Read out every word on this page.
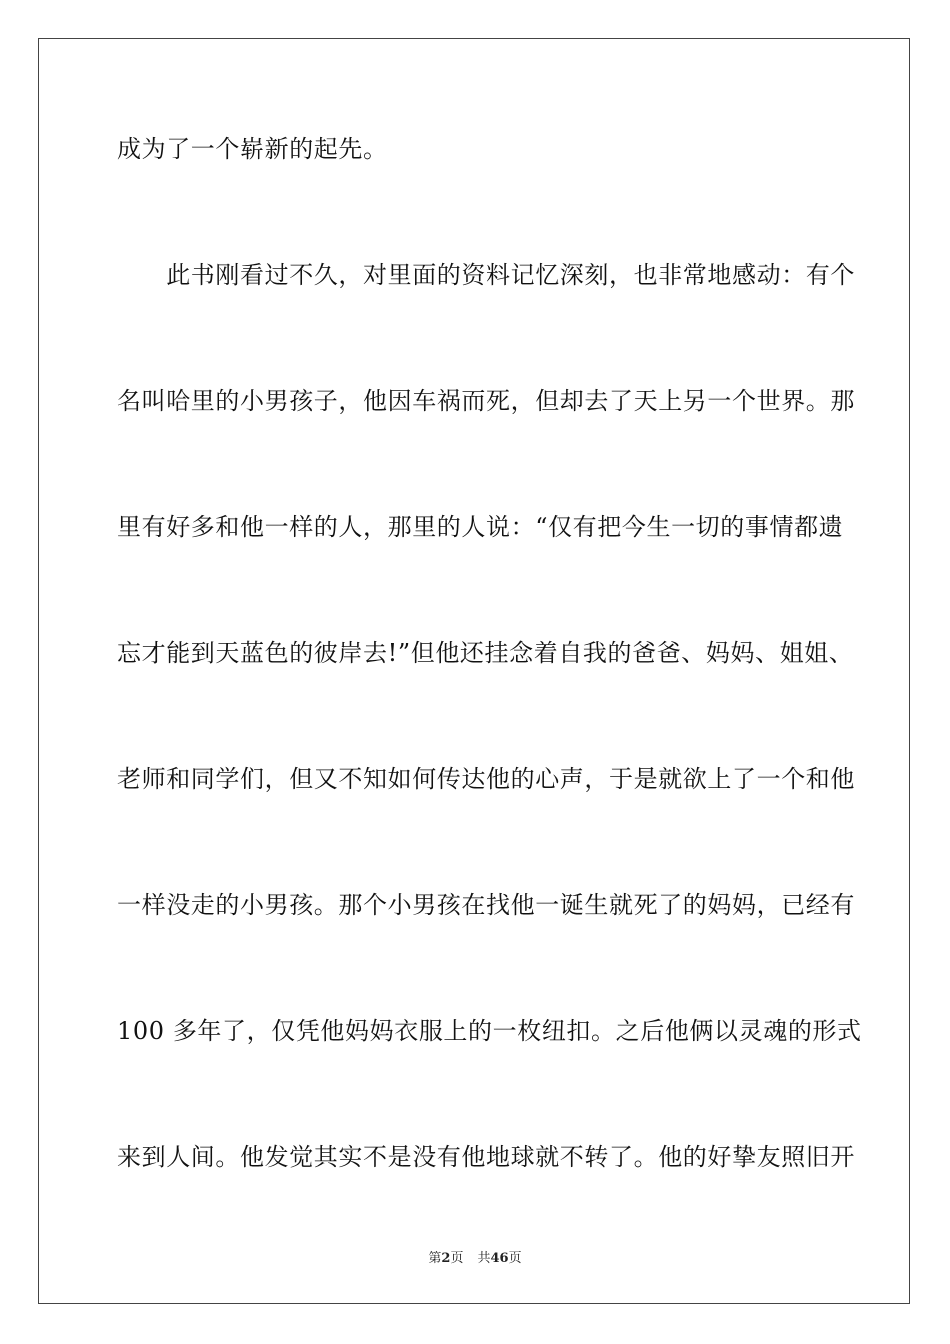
成为了一个崭新的起先。
　　此书刚看过不久，对里面的资料记忆深刻，也非常地感动：有个
名叫哈里的小男孩子，他因车祸而死，但却去了天上另一个世界。那
里有好多和他一样的人，那里的人说：“仅有把今生一切的事情都遗
忘才能到天蓝色的彼岸去!”但他还挂念着自我的爸爸、妈妈、姐姐、
老师和同学们，但又不知如何传达他的心声，于是就欲上了一个和他
一样没走的小男孩。那个小男孩在找他一诞生就死了的妈妈，已经有
100 多年了，仅凭他妈妈衣服上的一枚纽扣。之后他俩以灵魂的形式
来到人间。他发觉其实不是没有他地球就不转了。他的好挚友照旧开
第2页 共46页
